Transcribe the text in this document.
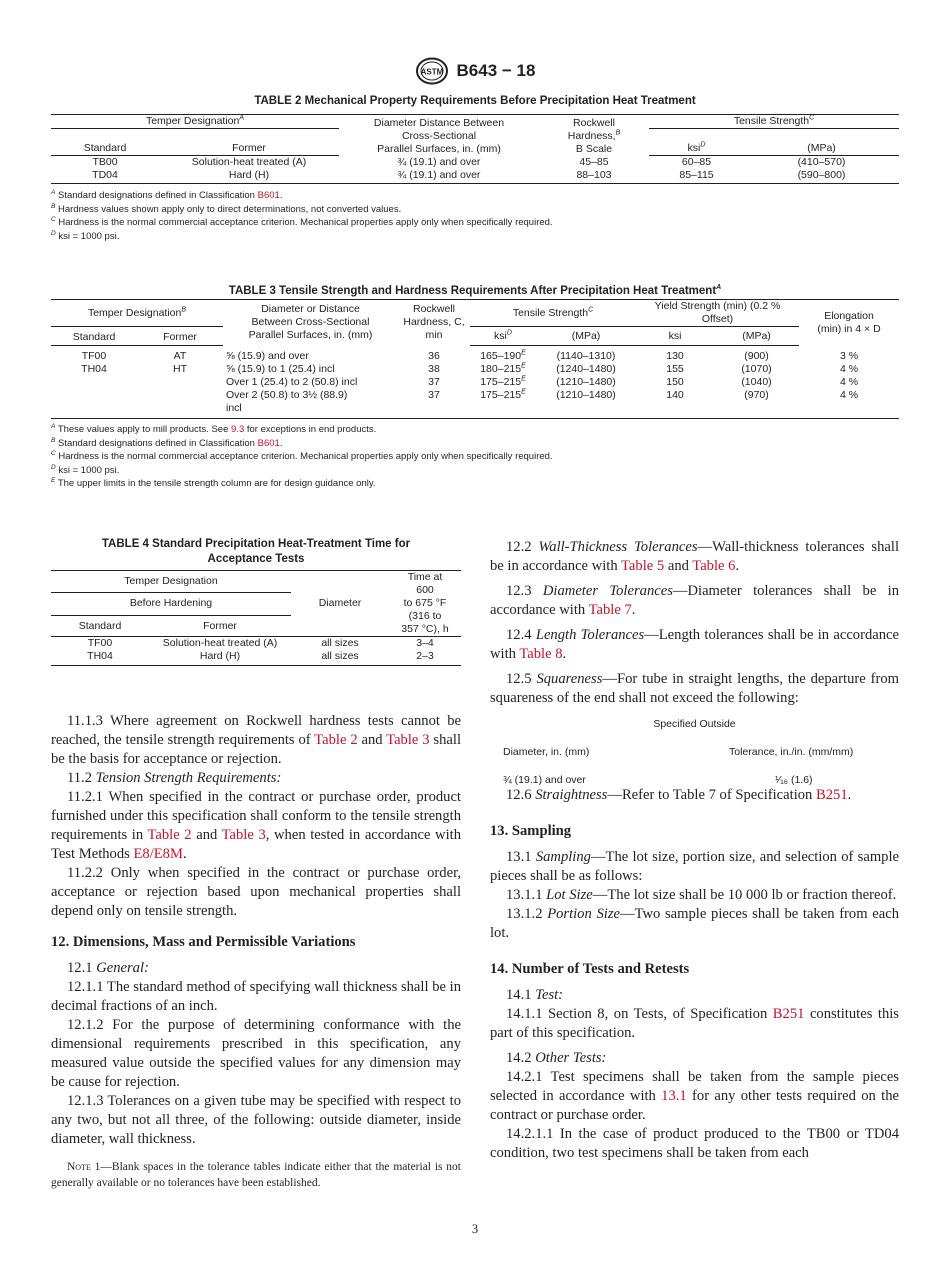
ASTM B643 − 18
TABLE 2 Mechanical Property Requirements Before Precipitation Heat Treatment
Temper Designation$^A$		Diameter Distance Between
Cross-Sectional
Parallel Surfaces, in. (mm)	Rockwell
Hardness,$^B$
B Scale	Tensile Strength$^C$
Standard	Former			ksi$^D$	(MPa)
TB00	Solution-heat treated (A)	¾ (19.1) and over	45–85	60–85	(410–570)
TD04	Hard (H)	¾ (19.1) and over	88–103	85–115	(590–800)
$^A$ Standard designations defined in Classification B601.
$^B$ Hardness values shown apply only to direct determinations, not converted values.
$^C$ Hardness is the normal commercial acceptance criterion. Mechanical properties apply only when specifically required.
$^D$ ksi = 1000 psi.
TABLE 3 Tensile Strength and Hardness Requirements After Precipitation Heat Treatment$^A$
Temper Designation$^B$		Diameter or Distance
Between Cross-Sectional
Parallel Surfaces, in. (mm)	Rockwell
Hardness, C,
min	Tensile Strength$^C$		Yield Strength (min) (0.2 %
Offset)		Elongation
(min) in 4 × D
Standard	Former			ksi$^D$	(MPa)	ksi	(MPa)	
TF00	AT	⅝ (15.9) and over	36	$165-190^E$	(1140–1310)	130	(900)	3 %
TH04	HT	⅝ (15.9) to 1 (25.4) incl	38	$180-215^E$	(1240–1480)	155	(1070)	4 %
		Over 1 (25.4) to 2 (50.8) incl	37	$175-215^E$	(1210–1480)	150	(1040)	4 %
		Over 2 (50.8) to 3½ (88.9)
incl	37	$175-215^E$	(1210–1480)	140	(970)	4 %
$^A$ These values apply to mill products. See 9.3 for exceptions in end products.
$^B$ Standard designations defined in Classification B601.
$^C$ Hardness is the normal commercial acceptance criterion. Mechanical properties apply only when specifically required.
$^D$ ksi = 1000 psi.
$^E$ The upper limits in the tensile strength column are for design guidance only.
TABLE 4 Standard Precipitation Heat-Treatment Time for
Acceptance Tests
Temper Designation		Diameter	Time at
600
to 675 °F
(316 to
357 °C), h
Before Hardening			
Standard	Former		
TF00	Solution-heat treated (A)	all sizes	3–4
TH04	Hard (H)	all sizes	2–3

11.1.3 Where agreement on Rockwell hardness tests cannot be reached, the tensile strength requirements of Table 2 and Table 3 shall be the basis for acceptance or rejection.

11.2 Tension Strength Requirements:

11.2.1 When specified in the contract or purchase order, product furnished under this specification shall conform to the tensile strength requirements in Table 2 and Table 3, when tested in accordance with Test Methods E8/E8M.

11.2.2 Only when specified in the contract or purchase order, acceptance or rejection based upon mechanical properties shall depend only on tensile strength.

12. Dimensions, Mass and Permissible Variations

12.1 General:

12.1.1 The standard method of specifying wall thickness shall be in decimal fractions of an inch.

12.1.2 For the purpose of determining conformance with the dimensional requirements prescribed in this specification, any measured value outside the specified values for any dimension may be cause for rejection.

12.1.3 Tolerances on a given tube may be specified with respect to any two, but not all three, of the following: outside diameter, inside diameter, wall thickness.

Note 1—Blank spaces in the tolerance tables indicate either that the material is not generally available or no tolerances have been established.

12.2 Wall-Thickness Tolerances—Wall-thickness tolerances shall be in accordance with Table 5 and Table 6.

12.3 Diameter Tolerances—Diameter tolerances shall be in accordance with Table 7.

12.4 Length Tolerances—Length tolerances shall be in accordance with Table 8.

12.5 Squareness—For tube in straight lengths, the departure from squareness of the end shall not exceed the following:

Specified Outside
Diameter, in. (mm)	Tolerance, in./in. (mm/mm)
¾ (19.1) and over	¹⁄₁₆ (1.6)

12.6 Straightness—Refer to Table 7 of Specification B251.

13. Sampling

13.1 Sampling—The lot size, portion size, and selection of sample pieces shall be as follows:

13.1.1 Lot Size—The lot size shall be 10 000 lb or fraction thereof.

13.1.2 Portion Size—Two sample pieces shall be taken from each lot.

14. Number of Tests and Retests

14.1 Test:

14.1.1 Section 8, on Tests, of Specification B251 constitutes this part of this specification.

14.2 Other Tests:

14.2.1 Test specimens shall be taken from the sample pieces selected in accordance with 13.1 for any other tests required on the contract or purchase order.

14.2.1.1 In the case of product produced to the TB00 or TD04 condition, two test specimens shall be taken from each

3
